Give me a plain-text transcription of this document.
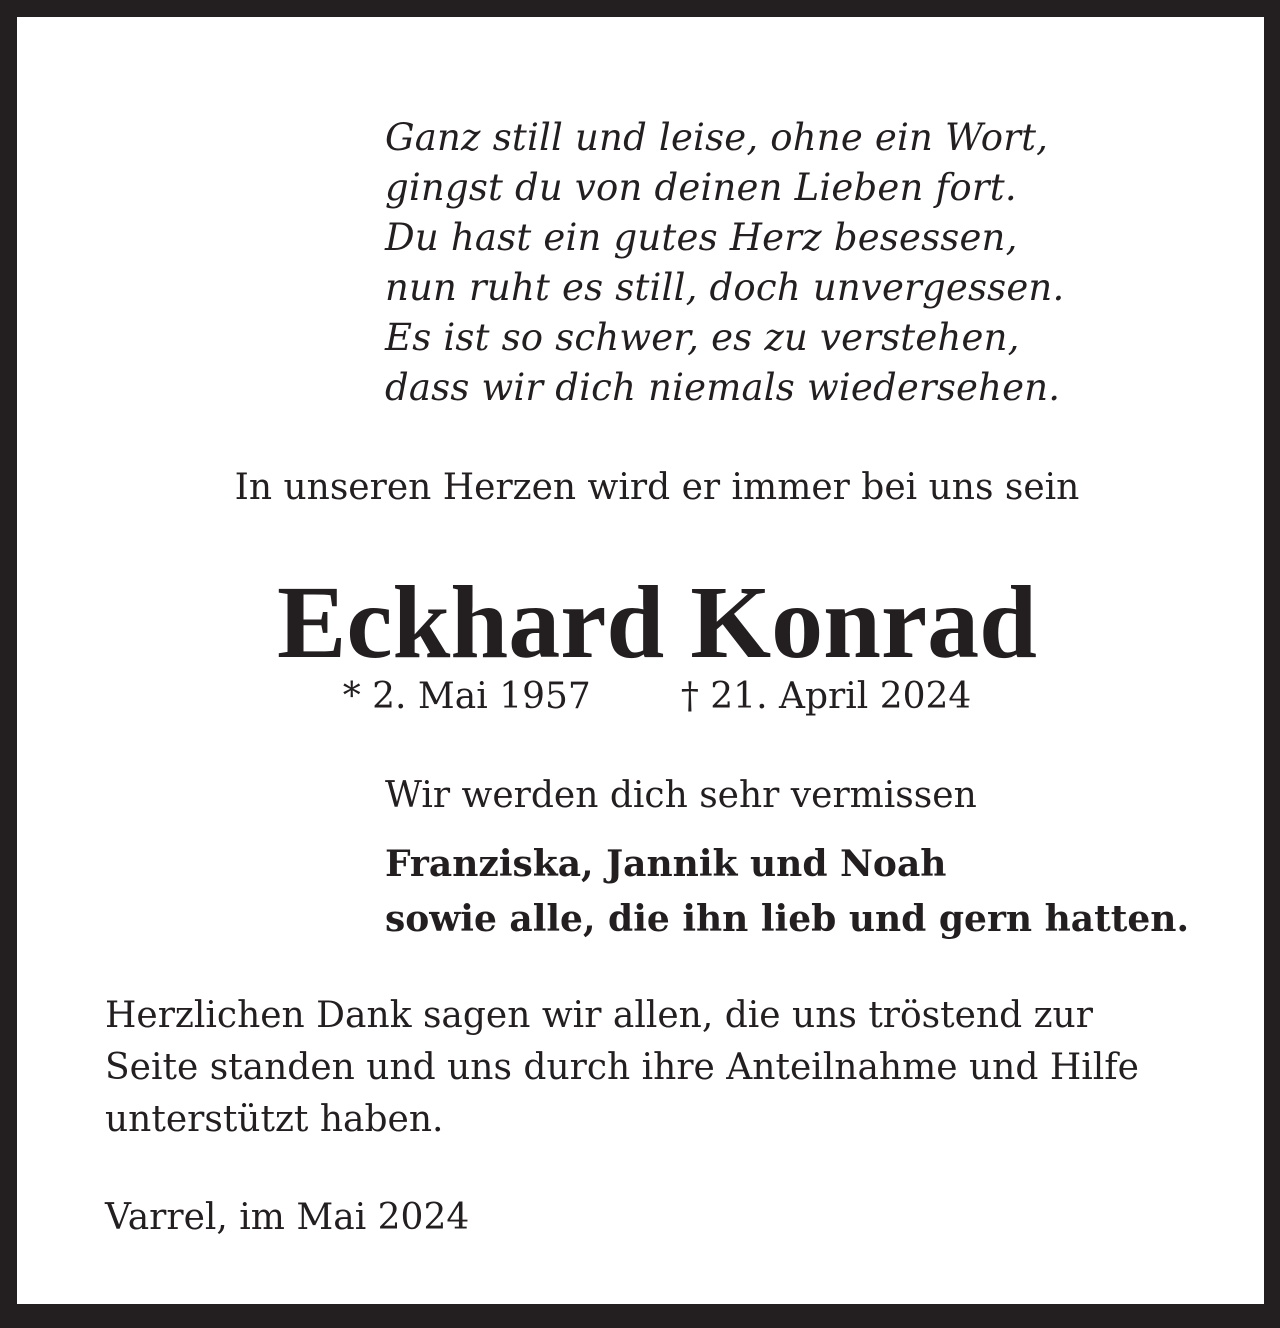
Ganz still und leise, ohne ein Wort,
gingst du von deinen Lieben fort.
Du hast ein gutes Herz besessen,
nun ruht es still, doch unvergessen.
Es ist so schwer, es zu verstehen,
dass wir dich niemals wiedersehen.
In unseren Herzen wird er immer bei uns sein
Eckhard Konrad
* 2. Mai 1957	† 21. April 2024
Wir werden dich sehr vermissen
Franziska, Jannik und Noah
sowie alle, die ihn lieb und gern hatten.
Herzlichen Dank sagen wir allen, die uns tröstend zur
Seite standen und uns durch ihre Anteilnahme und Hilfe
unterstützt haben.
Varrel, im Mai 2024
